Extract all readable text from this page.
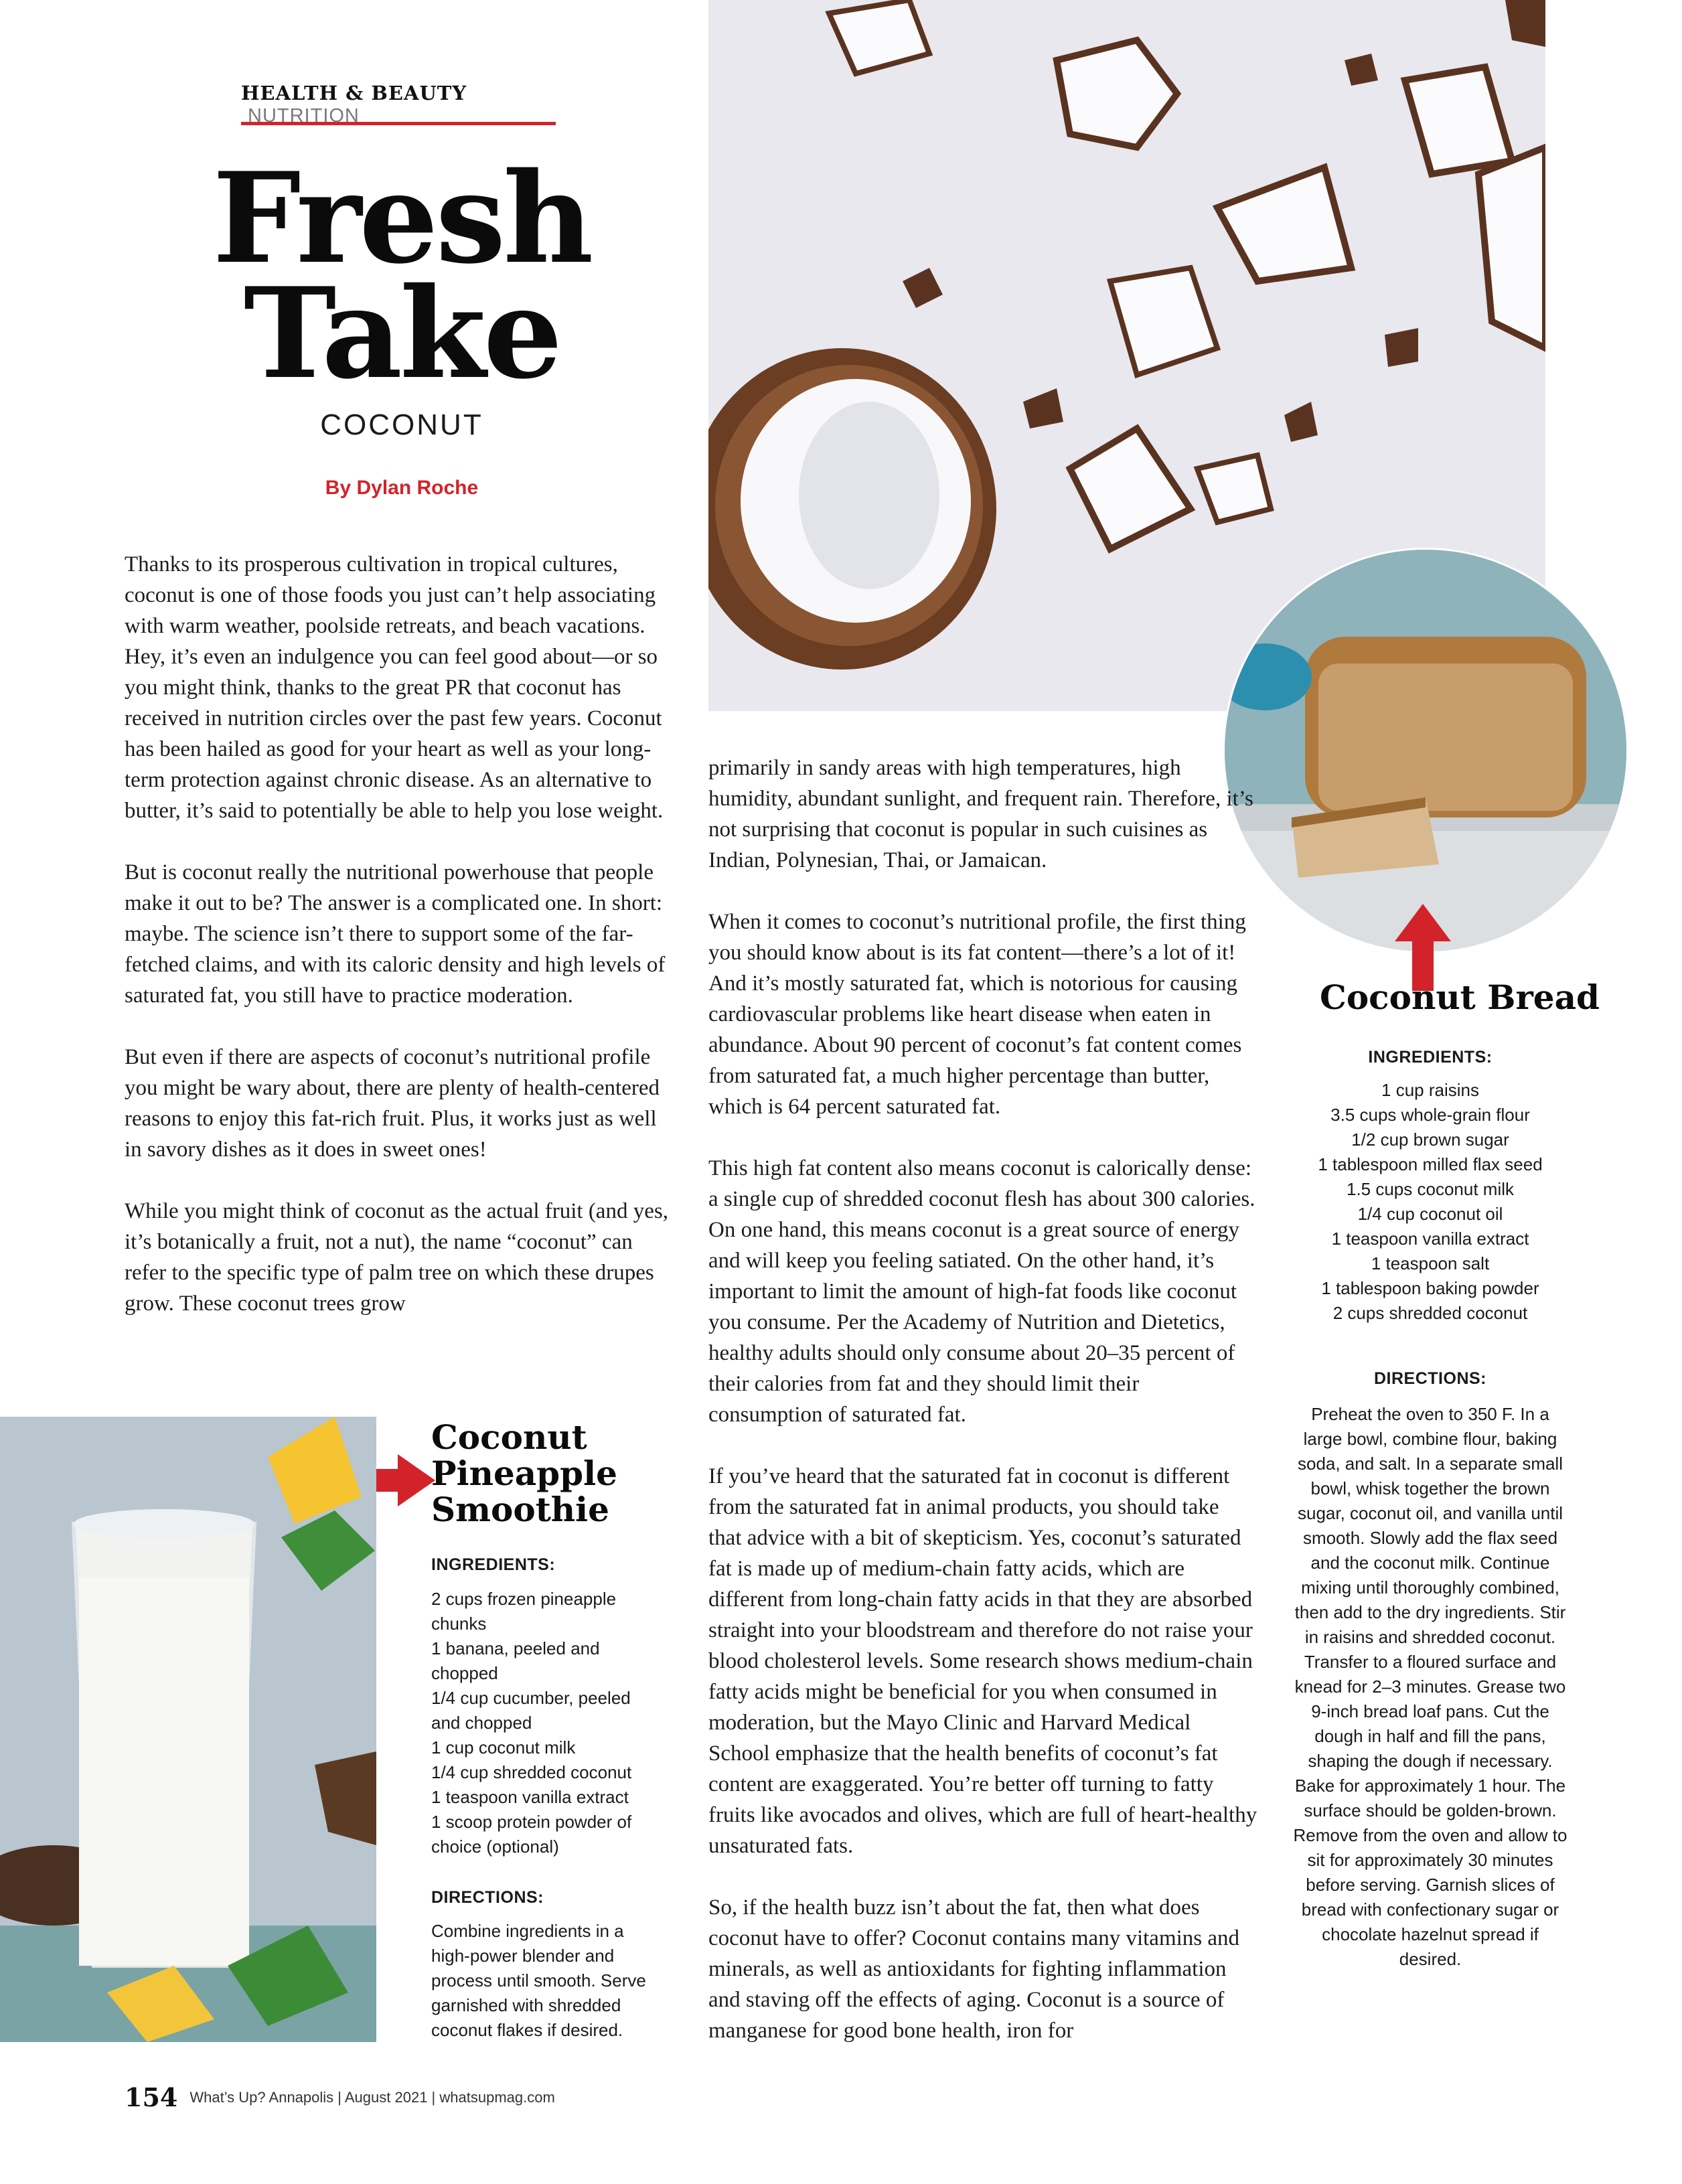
HEALTH & BEAUTY NUTRITION
Fresh
Take
COCONUT
By Dylan Roche

Thanks to its prosperous cultivation in tropical cultures, coconut is one of those foods you just can’t help associating with warm weather, poolside retreats, and beach vacations. Hey, it’s even an indulgence you can feel good about—or so you might think, thanks to the great PR that coconut has received in nutrition circles over the past few years. Coconut has been hailed as good for your heart as well as your long-term protection against chronic disease. As an alternative to butter, it’s said to potentially be able to help you lose weight.

But is coconut really the nutritional powerhouse that people make it out to be? The answer is a complicated one. In short: maybe. The science isn’t there to support some of the far-fetched claims, and with its caloric density and high levels of saturated fat, you still have to practice moderation.

But even if there are aspects of coconut’s nutritional profile you might be wary about, there are plenty of health-centered reasons to enjoy this fat-rich fruit. Plus, it works just as well in savory dishes as it does in sweet ones!

While you might think of coconut as the actual fruit (and yes, it’s botanically a fruit, not a nut), the name “coconut” can refer to the specific type of palm tree on which these drupes grow. These coconut trees grow

primarily in sandy areas with high temperatures, high humidity, abundant sunlight, and frequent rain. Therefore, it’s not surprising that coconut is popular in such cuisines as Indian, Polynesian, Thai, or Jamaican.

When it comes to coconut’s nutritional profile, the first thing you should know about is its fat content—there’s a lot of it! And it’s mostly saturated fat, which is notorious for causing cardiovascular problems like heart disease when eaten in abundance. About 90 percent of coconut’s fat content comes from saturated fat, a much higher percentage than butter, which is 64 percent saturated fat.

This high fat content also means coconut is calorically dense: a single cup of shredded coconut flesh has about 300 calories. On one hand, this means coconut is a great source of energy and will keep you feeling satiated. On the other hand, it’s important to limit the amount of high-fat foods like coconut you consume. Per the Academy of Nutrition and Dietetics, healthy adults should only consume about 20–35 percent of their calories from fat and they should limit their consumption of saturated fat.

If you’ve heard that the saturated fat in coconut is different from the saturated fat in animal products, you should take that advice with a bit of skepticism. Yes, coconut’s saturated fat is made up of medium-chain fatty acids, which are different from long-chain fatty acids in that they are absorbed straight into your bloodstream and therefore do not raise your blood cholesterol levels. Some research shows medium-chain fatty acids might be beneficial for you when consumed in moderation, but the Mayo Clinic and Harvard Medical School emphasize that the health benefits of coconut’s fat content are exaggerated. You’re better off turning to fatty fruits like avocados and olives, which are full of heart-healthy unsaturated fats.

So, if the health buzz isn’t about the fat, then what does coconut have to offer? Coconut contains many vitamins and minerals, as well as antioxidants for fighting inflammation and staving off the effects of aging. Coconut is a source of manganese for good bone health, iron for

Coconut Bread
INGREDIENTS:
1 cup raisins
3.5 cups whole-grain flour
1/2 cup brown sugar
1 tablespoon milled flax seed
1.5 cups coconut milk
1/4 cup coconut oil
1 teaspoon vanilla extract
1 teaspoon salt
1 tablespoon baking powder
2 cups shredded coconut
DIRECTIONS:
Preheat the oven to 350 F. In a large bowl, combine flour, baking soda, and salt. In a separate small bowl, whisk together the brown sugar, coconut oil, and vanilla until smooth. Slowly add the flax seed and the coconut milk. Continue mixing until thoroughly combined, then add to the dry ingredients. Stir in raisins and shredded coconut. Transfer to a floured surface and knead for 2–3 minutes. Grease two 9-inch bread loaf pans. Cut the dough in half and fill the pans, shaping the dough if necessary. Bake for approximately 1 hour. The surface should be golden-brown. Remove from the oven and allow to sit for approximately 30 minutes before serving. Garnish slices of bread with confectionary sugar or chocolate hazelnut spread if desired.
Coconut
Pineapple
Smoothie
INGREDIENTS:
2 cups frozen pineapple chunks
1 banana, peeled and chopped
1/4 cup cucumber, peeled and chopped
1 cup coconut milk
1/4 cup shredded coconut
1 teaspoon vanilla extract
1 scoop protein powder of choice (optional)
DIRECTIONS:
Combine ingredients in a high-power blender and process until smooth. Serve garnished with shredded coconut flakes if desired.
154 What’s Up? Annapolis | August 2021 | whatsupmag.com
